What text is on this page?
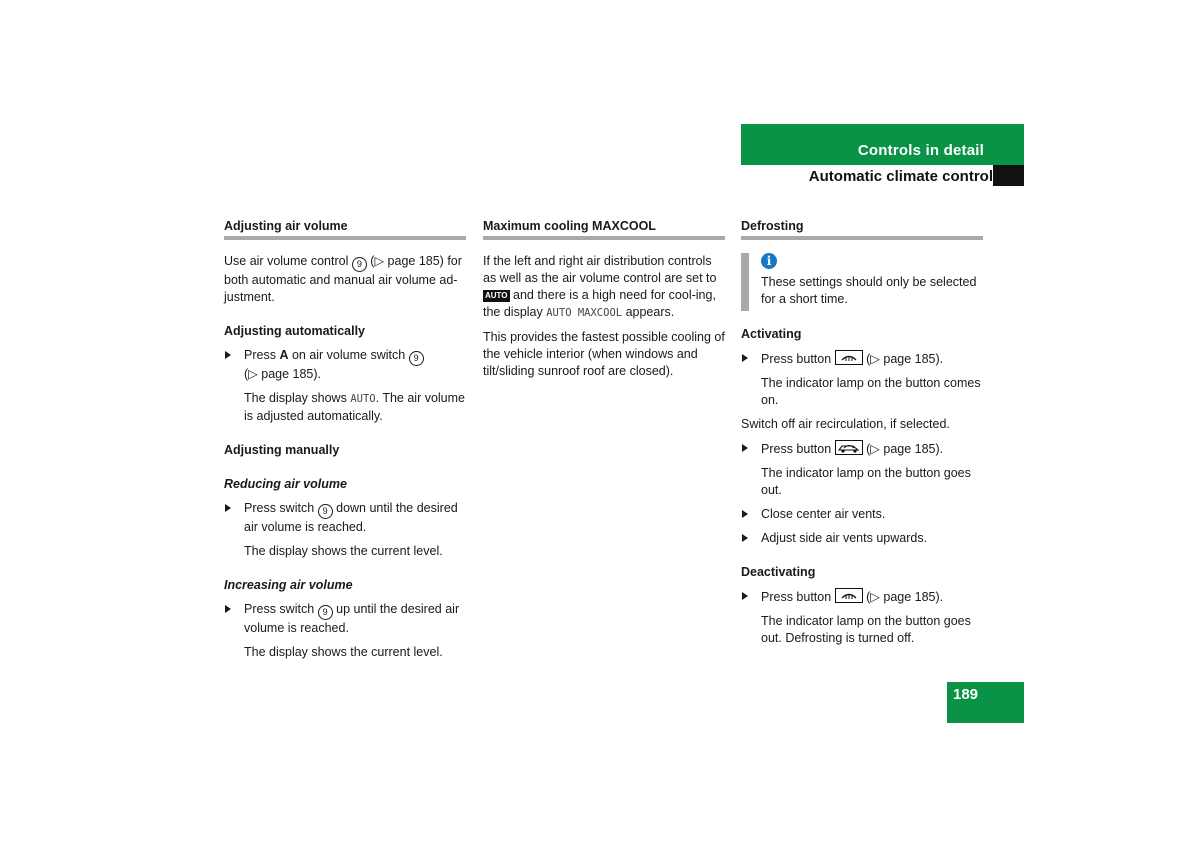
Controls in detail
Automatic climate control
Adjusting air volume

Use air volume control 9 (▷ page 185) for both automatic and manual air volume ad-justment.

Adjusting automatically
Press A on air volume switch 9
(▷ page 185).
The display shows AUTO. The air volume is adjusted automatically.
Adjusting manually
Reducing air volume
Press switch 9 down until the desired air volume is reached.
The display shows the current level.
Increasing air volume
Press switch 9 up until the desired air volume is reached.
The display shows the current level.
Maximum cooling MAXCOOL

If the left and right air distribution controls as well as the air volume control are set to AUTO and there is a high need for cool-ing, the display AUTO MAXCOOL appears.

This provides the fastest possible cooling of the vehicle interior (when windows and tilt/sliding sunroof roof are closed).

Defrosting
i
These settings should only be selected for a short time.
Activating
Press button
(▷ page 185).
The indicator lamp on the button comes on.

Switch off air recirculation, if selected.

Press button
(▷ page 185).
The indicator lamp on the button goes out.
Close center air vents.
Adjust side air vents upwards.
Deactivating
Press button
(▷ page 185).
The indicator lamp on the button goes out. Defrosting is turned off.
189
